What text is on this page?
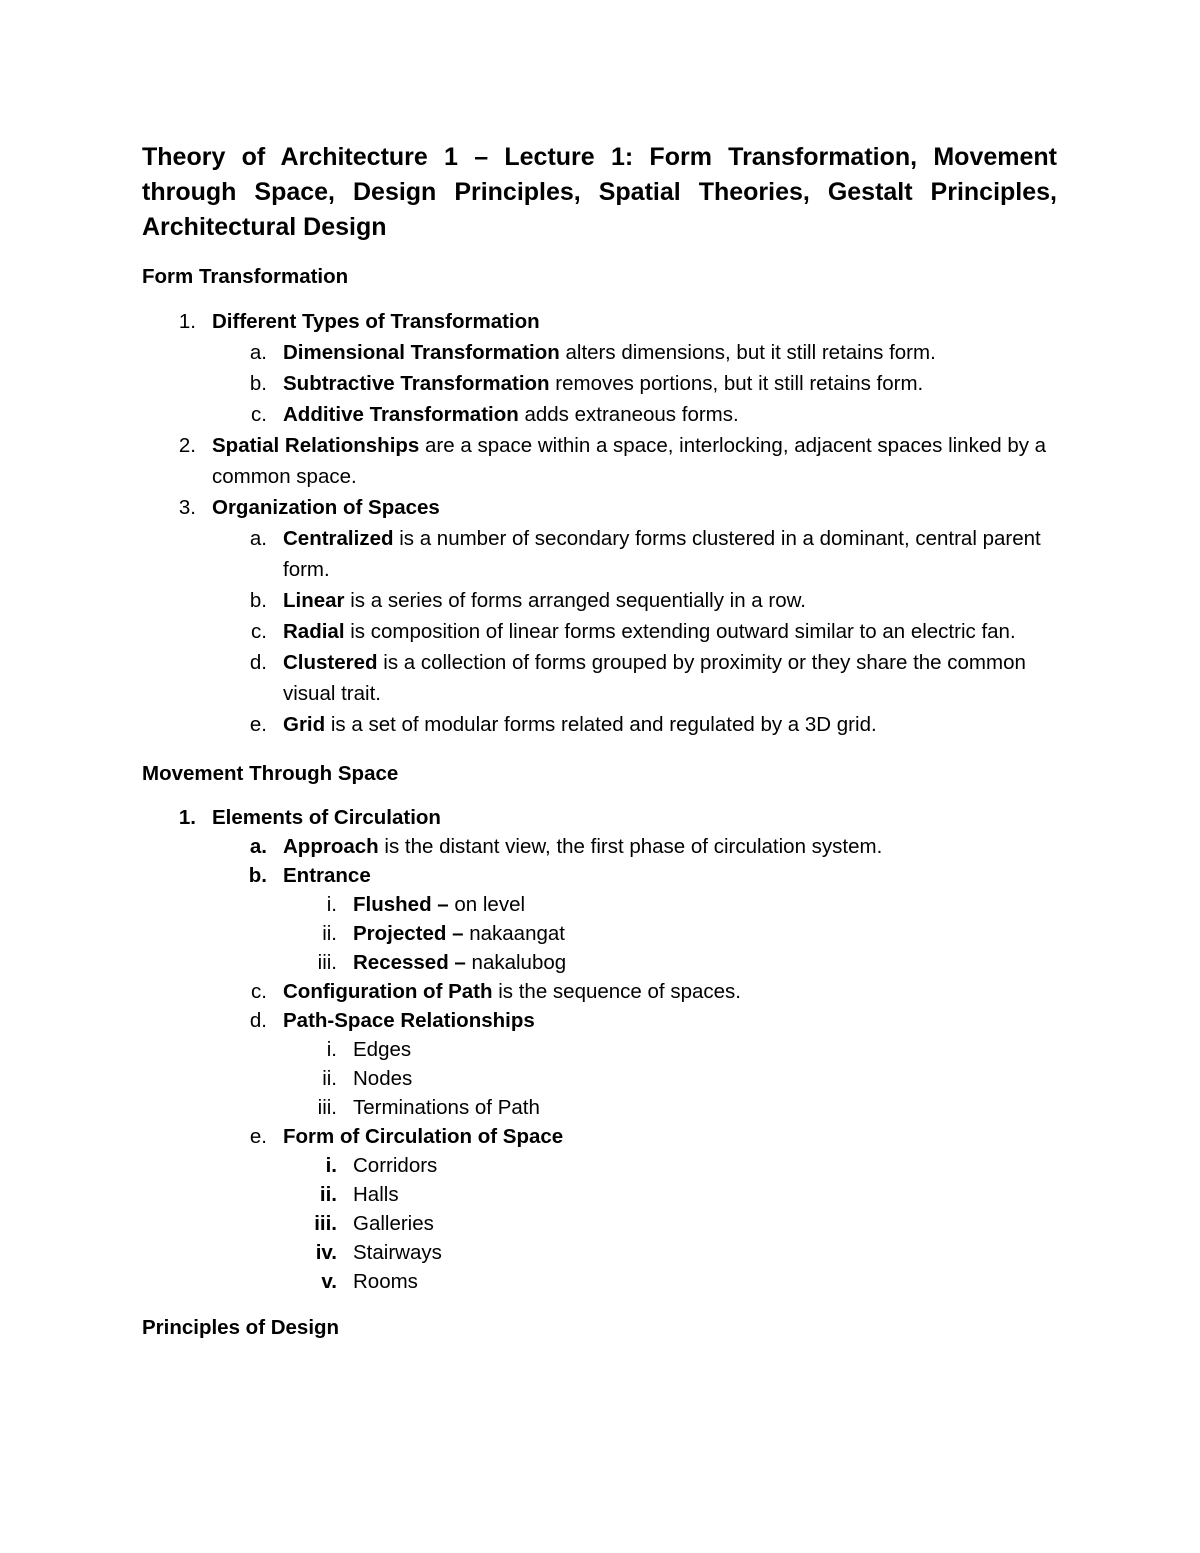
Theory of Architecture 1 – Lecture 1: Form Transformation, Movement through Space, Design Principles, Spatial Theories, Gestalt Principles, Architectural Design
Form Transformation
1. Different Types of Transformation
a. Dimensional Transformation alters dimensions, but it still retains form.
b. Subtractive Transformation removes portions, but it still retains form.
c. Additive Transformation adds extraneous forms.
2. Spatial Relationships are a space within a space, interlocking, adjacent spaces linked by a common space.
3. Organization of Spaces
a. Centralized is a number of secondary forms clustered in a dominant, central parent form.
b. Linear is a series of forms arranged sequentially in a row.
c. Radial is composition of linear forms extending outward similar to an electric fan.
d. Clustered is a collection of forms grouped by proximity or they share the common visual trait.
e. Grid is a set of modular forms related and regulated by a 3D grid.
Movement Through Space
1. Elements of Circulation
a. Approach is the distant view, the first phase of circulation system.
b. Entrance
i. Flushed – on level
ii. Projected – nakaangat
iii. Recessed – nakalubog
c. Configuration of Path is the sequence of spaces.
d. Path-Space Relationships
i. Edges
ii. Nodes
iii. Terminations of Path
e. Form of Circulation of Space
i. Corridors
ii. Halls
iii. Galleries
iv. Stairways
v. Rooms
Principles of Design
